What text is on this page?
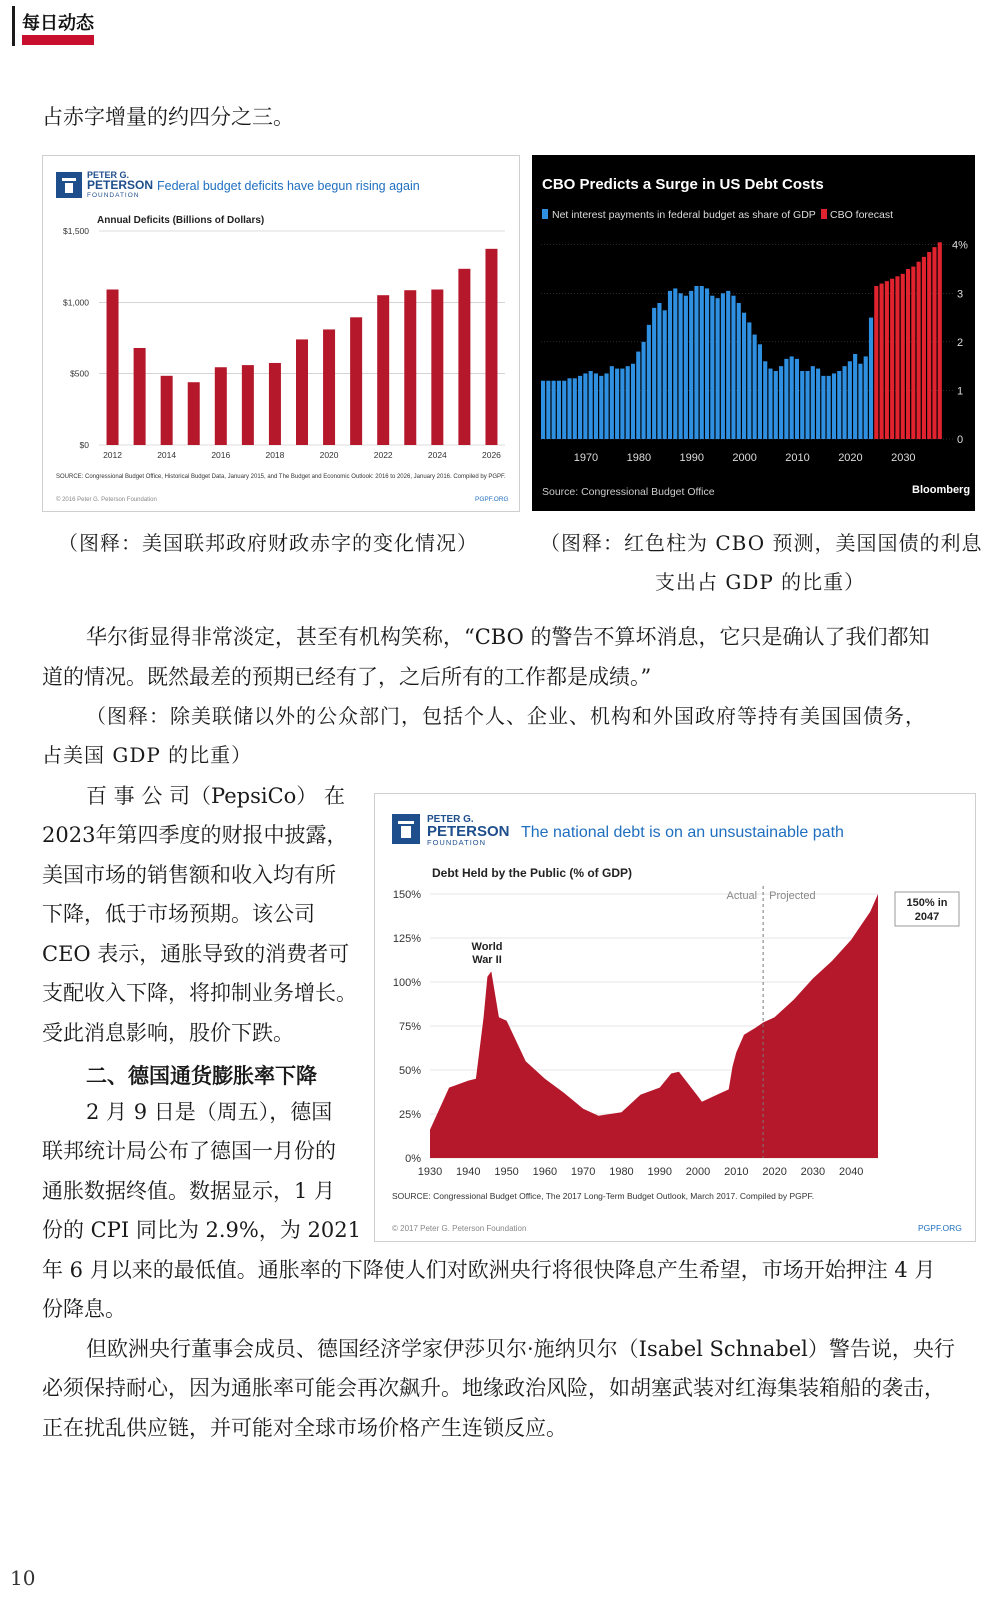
每日动态
占赤字增量的约四分之三。
PETER G.
PETERSON
FOUNDATION
Federal budget deficits have begun rising again
Annual Deficits (Billions of Dollars)
2012	2014	2016	2018	2020	2022	2024	2026
$0
$500
$1,000
$1,500
SOURCE: Congressional Budget Office, Historical Budget Data, January 2015, and The Budget and Economic Outlook: 2016 to 2026, January 2016. Compiled by PGPF.
© 2016 Peter G. Peterson Foundation	PGPF.ORG
CBO Predicts a Surge in US Debt Costs
Net interest payments in federal budget as share of GDP CBO forecast
1970	1980	1990	2000	2010	2020	2030
0
1
2
3
4%
Source: Congressional Budget Office	Bloomberg
（图释：美国联邦政府财政赤字的变化情况）	（图释：红色柱为 CBO 预测，美国国债的利息
支出占 GDP 的比重）
华尔街显得非常淡定，甚至有机构笑称，“CBO 的警告不算坏消息，它只是确认了我们都知
道的情况。既然最差的预期已经有了，之后所有的工作都是成绩。”
（图释：除美联储以外的公众部门，包括个人、企业、机构和外国政府等持有美国国债务，
占美国 GDP 的比重）
百 事 公 司（PepsiCo） 在
2023年第四季度的财报中披露，
美国市场的销售额和收入均有所
下降，低于市场预期。该公司
CEO 表示，通胀导致的消费者可
支配收入下降，将抑制业务增长。
受此消息影响，股价下跌。
二、德国通货膨胀率下降
2 月 9 日是（周五），德国
联邦统计局公布了德国一月份的
通胀数据终值。数据显示，1 月
份的 CPI 同比为 2.9%，为 2021
年 6 月以来的最低值。通胀率的下降使人们对欧洲央行将很快降息产生希望，市场开始押注 4 月
份降息。
但欧洲央行董事会成员、德国经济学家伊莎贝尔·施纳贝尔（Isabel Schnabel）警告说，央行
必须保持耐心，因为通胀率可能会再次飙升。地缘政治风险，如胡塞武装对红海集装箱船的袭击，
正在扰乱供应链，并可能对全球市场价格产生连锁反应。
PETER G.
PETERSON
FOUNDATION
The national debt is on an unsustainable path
Debt Held by the Public (% of GDP)
1930 1940 1950 1960 1970 1980 1990 2000 2010 2020 2030 2040
0%
25%
50%
75%
100%
125%
150%	Actual Projected
World
War II
150% in
2047
SOURCE: Congressional Budget Office, The 2017 Long-Term Budget Outlook, March 2017. Compiled by PGPF.
© 2017 Peter G. Peterson Foundation	PGPF.ORG
10
